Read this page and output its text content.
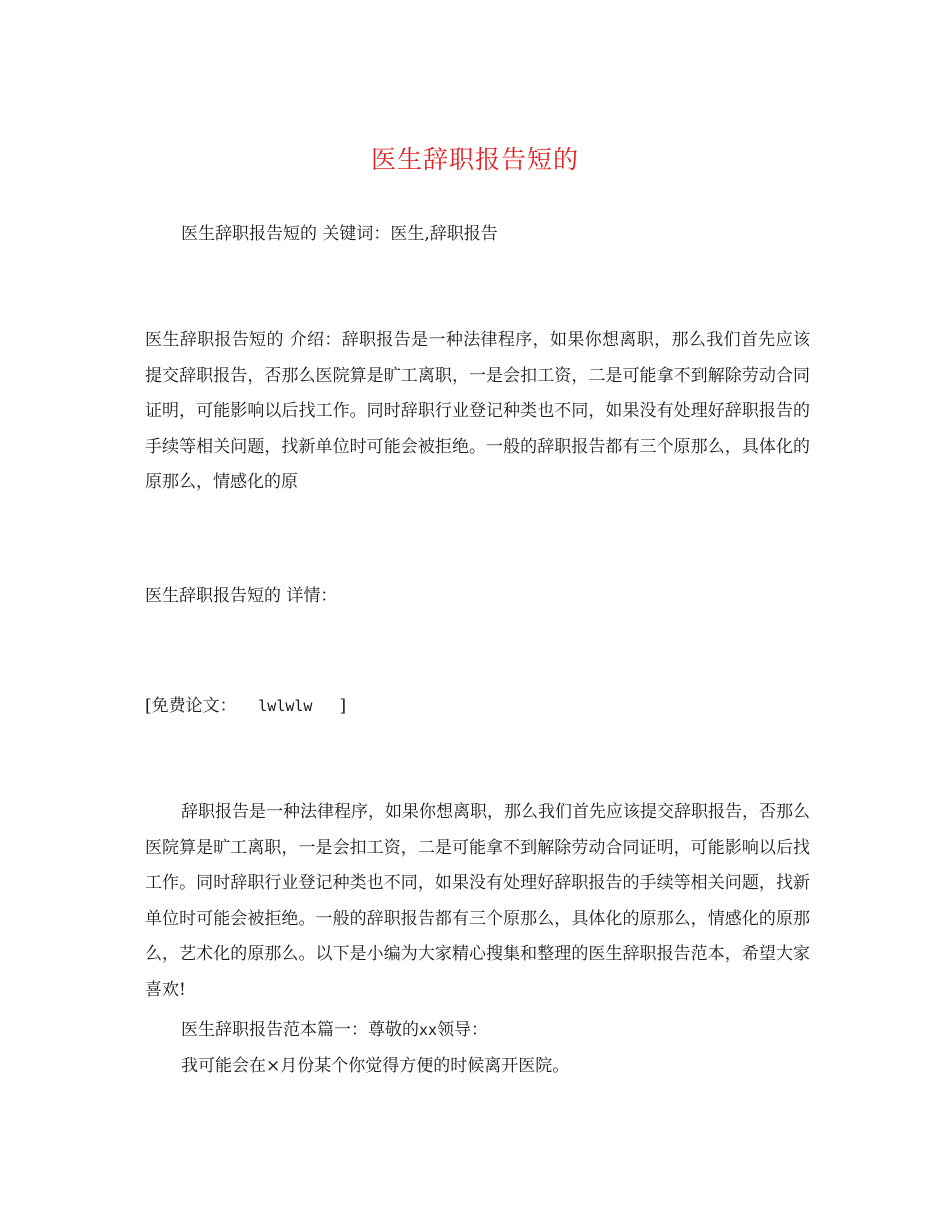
医生辞职报告短的

医生辞职报告短的 关键词：医生,辞职报告

医生辞职报告短的 介绍：辞职报告是一种法律程序，如果你想离职，那么我们首先应该提交辞职报告，否那么医院算是旷工离职，一是会扣工资，二是可能拿不到解除劳动合同证明，可能影响以后找工作。同时辞职行业登记种类也不同，如果没有处理好辞职报告的手续等相关问题，找新单位时可能会被拒绝。一般的辞职报告都有三个原那么，具体化的原那么，情感化的原

医生辞职报告短的 详情：

[免费论文： lwlwlw ]

辞职报告是一种法律程序，如果你想离职，那么我们首先应该提交辞职报告，否那么医院算是旷工离职，一是会扣工资，二是可能拿不到解除劳动合同证明，可能影响以后找工作。同时辞职行业登记种类也不同，如果没有处理好辞职报告的手续等相关问题，找新单位时可能会被拒绝。一般的辞职报告都有三个原那么，具体化的原那么，情感化的原那么，艺术化的原那么。以下是小编为大家精心搜集和整理的医生辞职报告范本，希望大家喜欢!

医生辞职报告范本篇一：尊敬的xx领导：

我可能会在×月份某个你觉得方便的时候离开医院。
